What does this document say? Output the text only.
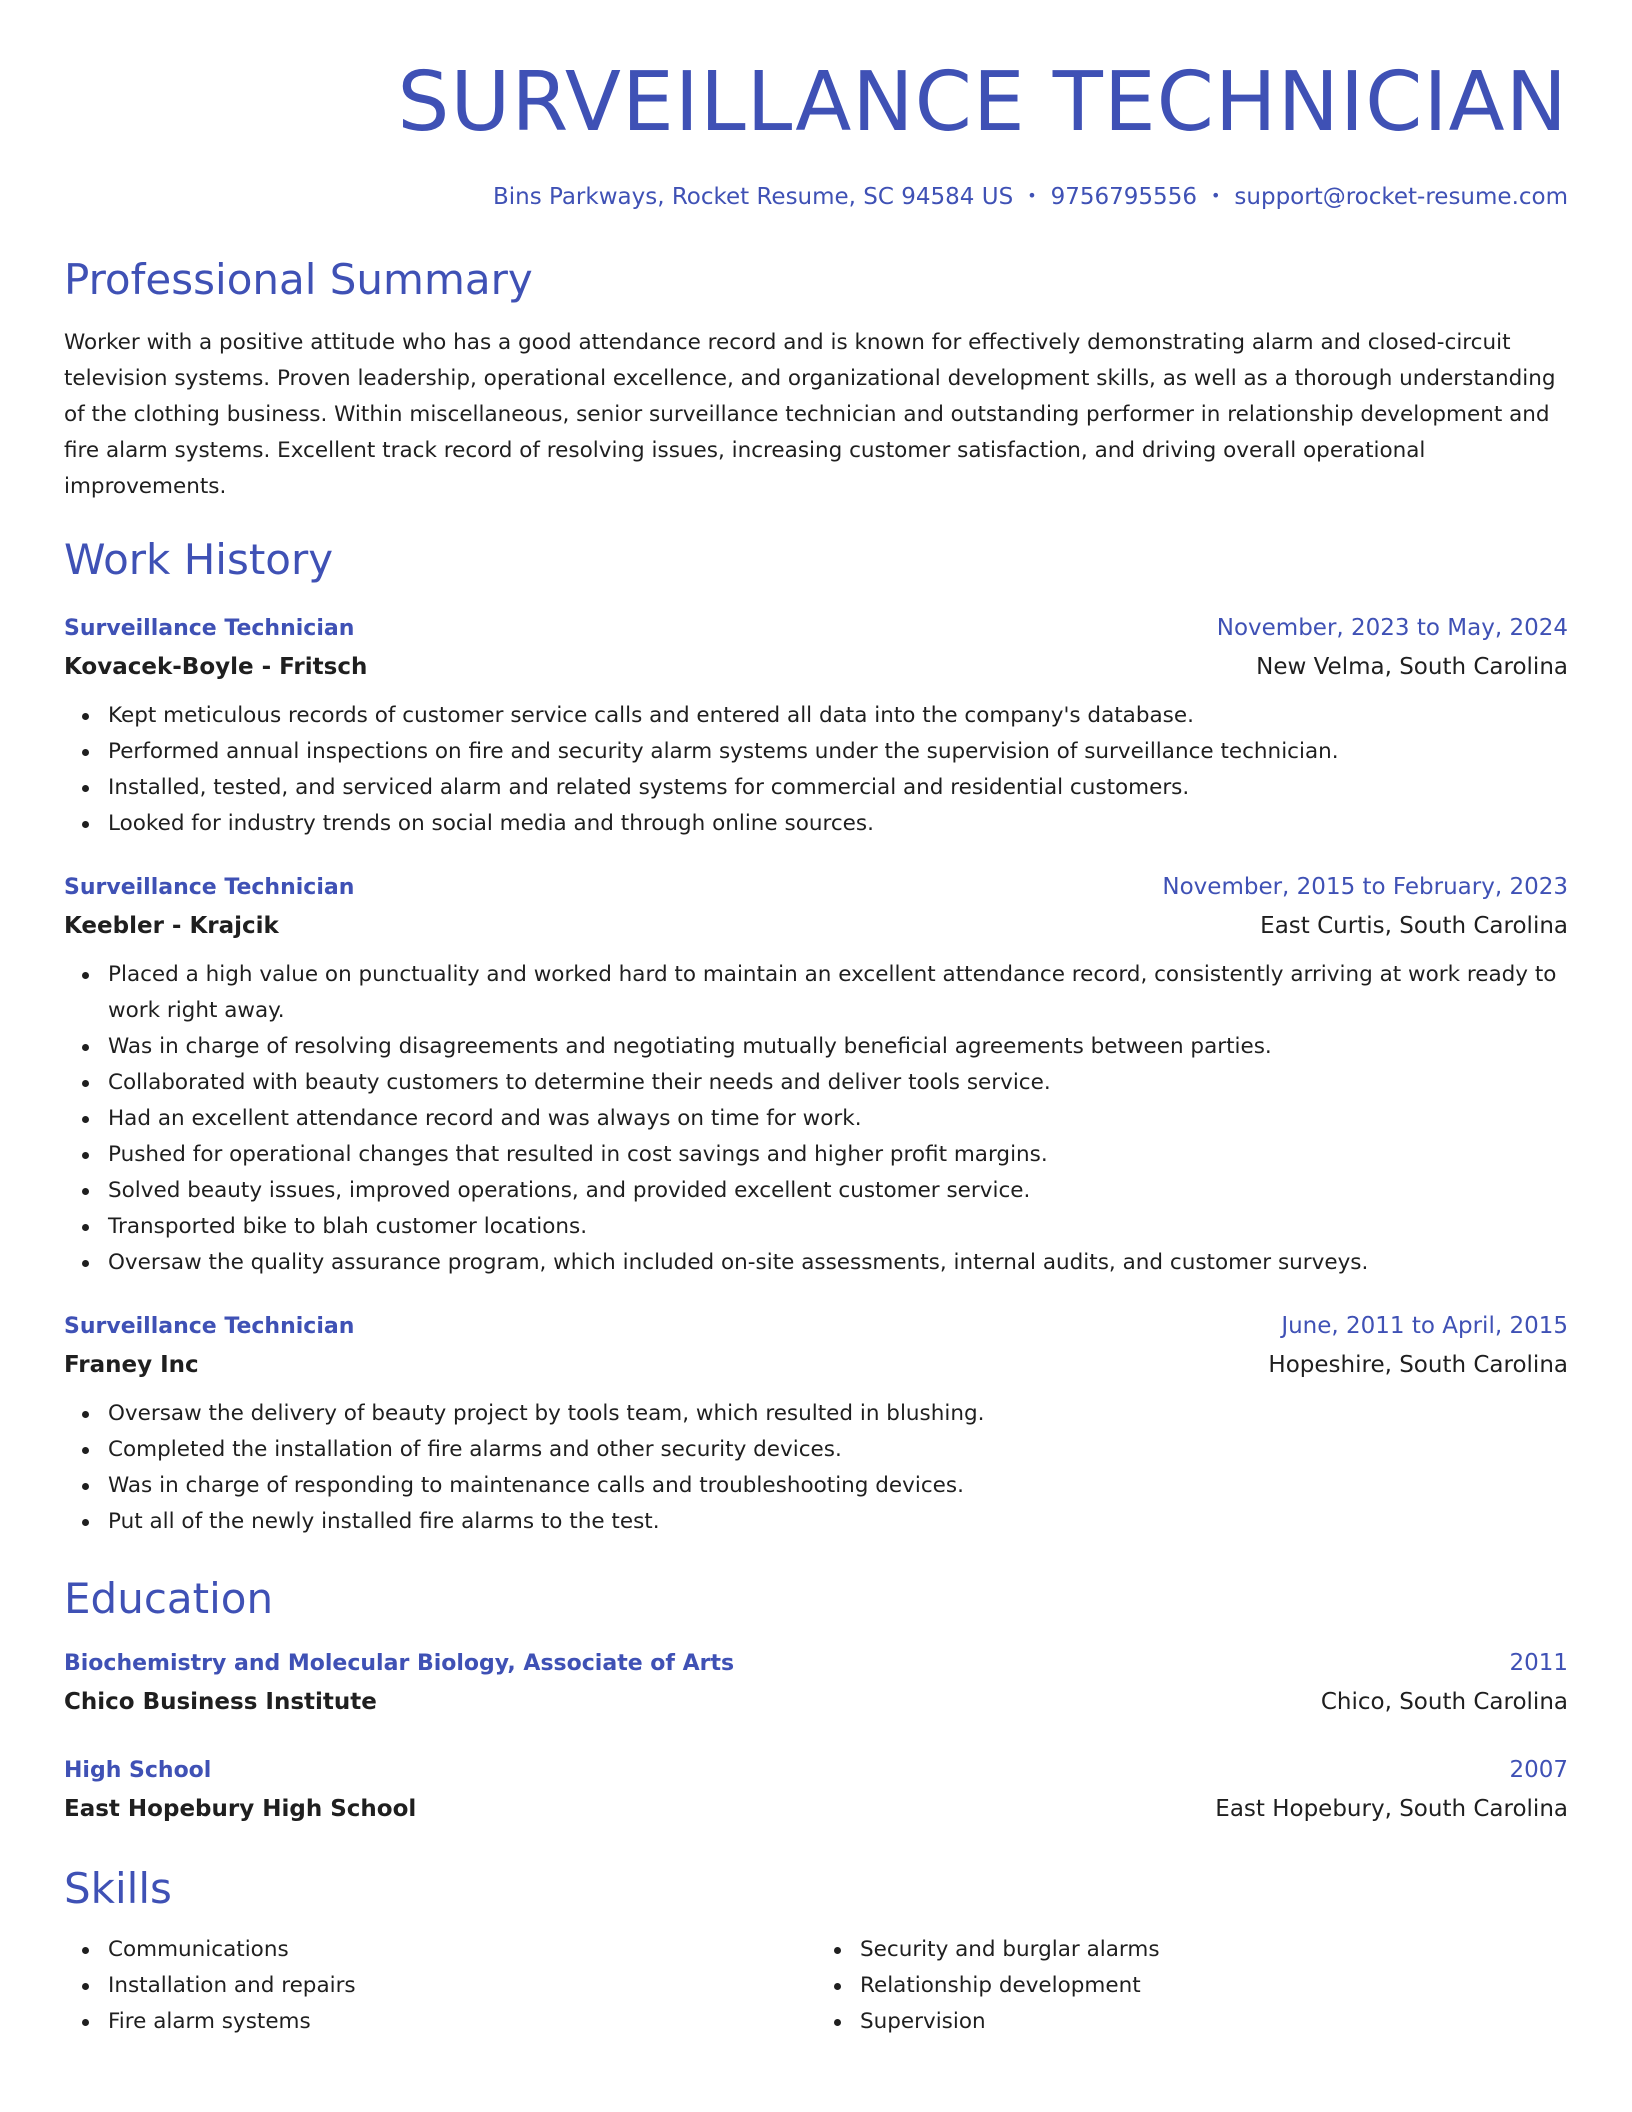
SURVEILLANCE TECHNICIAN
Bins Parkways, Rocket Resume, SC 94584 US • 9756795556 • support@rocket-resume.com
Professional Summary
Worker with a positive attitude who has a good attendance record and is known for effectively demonstrating alarm and closed-circuit television systems. Proven leadership, operational excellence, and organizational development skills, as well as a thorough understanding of the clothing business. Within miscellaneous, senior surveillance technician and outstanding performer in relationship development and fire alarm systems. Excellent track record of resolving issues, increasing customer satisfaction, and driving overall operational improvements.
Work History
Surveillance Technician	November, 2023 to May, 2024
Kovacek-Boyle - Fritsch	New Velma, South Carolina
Kept meticulous records of customer service calls and entered all data into the company's database.
Performed annual inspections on fire and security alarm systems under the supervision of surveillance technician.
Installed, tested, and serviced alarm and related systems for commercial and residential customers.
Looked for industry trends on social media and through online sources.
Surveillance Technician	November, 2015 to February, 2023
Keebler - Krajcik	East Curtis, South Carolina
Placed a high value on punctuality and worked hard to maintain an excellent attendance record, consistently arriving at work ready to work right away.
Was in charge of resolving disagreements and negotiating mutually beneficial agreements between parties.
Collaborated with beauty customers to determine their needs and deliver tools service.
Had an excellent attendance record and was always on time for work.
Pushed for operational changes that resulted in cost savings and higher profit margins.
Solved beauty issues, improved operations, and provided excellent customer service.
Transported bike to blah customer locations.
Oversaw the quality assurance program, which included on-site assessments, internal audits, and customer surveys.
Surveillance Technician	June, 2011 to April, 2015
Franey Inc	Hopeshire, South Carolina
Oversaw the delivery of beauty project by tools team, which resulted in blushing.
Completed the installation of fire alarms and other security devices.
Was in charge of responding to maintenance calls and troubleshooting devices.
Put all of the newly installed fire alarms to the test.
Education
Biochemistry and Molecular Biology, Associate of Arts	2011
Chico Business Institute	Chico, South Carolina
High School	2007
East Hopebury High School	East Hopebury, South Carolina
Skills
Communications
Installation and repairs
Fire alarm systems
Security and burglar alarms
Relationship development
Supervision
